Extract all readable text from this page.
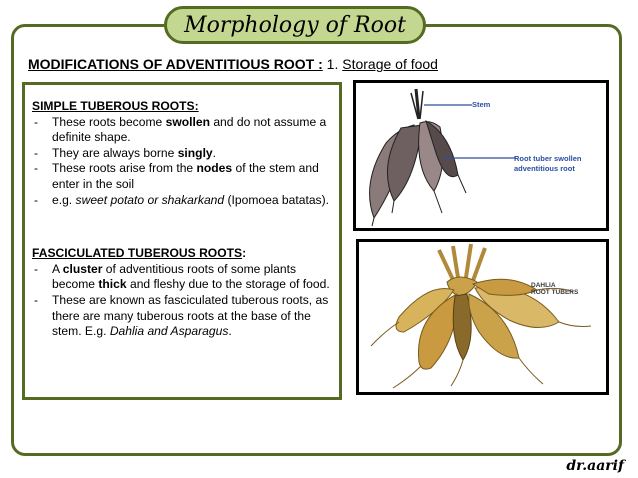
Morphology of Root
MODIFICATIONS OF ADVENTITIOUS ROOT : 1. Storage of food
SIMPLE TUBEROUS ROOTS:
- These roots become swollen and do not assume a definite shape.
- They are always borne singly.
- These roots arise from the nodes of the stem and enter in the soil
- e.g. sweet potato or shakarkand (Ipomoea batatas).
FASCICULATED TUBEROUS ROOTS:
- A cluster of adventitious roots of some plants become thick and fleshy due to the storage of food.
- These are known as fasciculated tuberous roots, as there are many tuberous roots at the base of the stem. E.g. Dahlia and Asparagus.
Stem
Root tuber swollen
adventitious root
DAHLIA
ROOT TUBERS
dr.aarif
